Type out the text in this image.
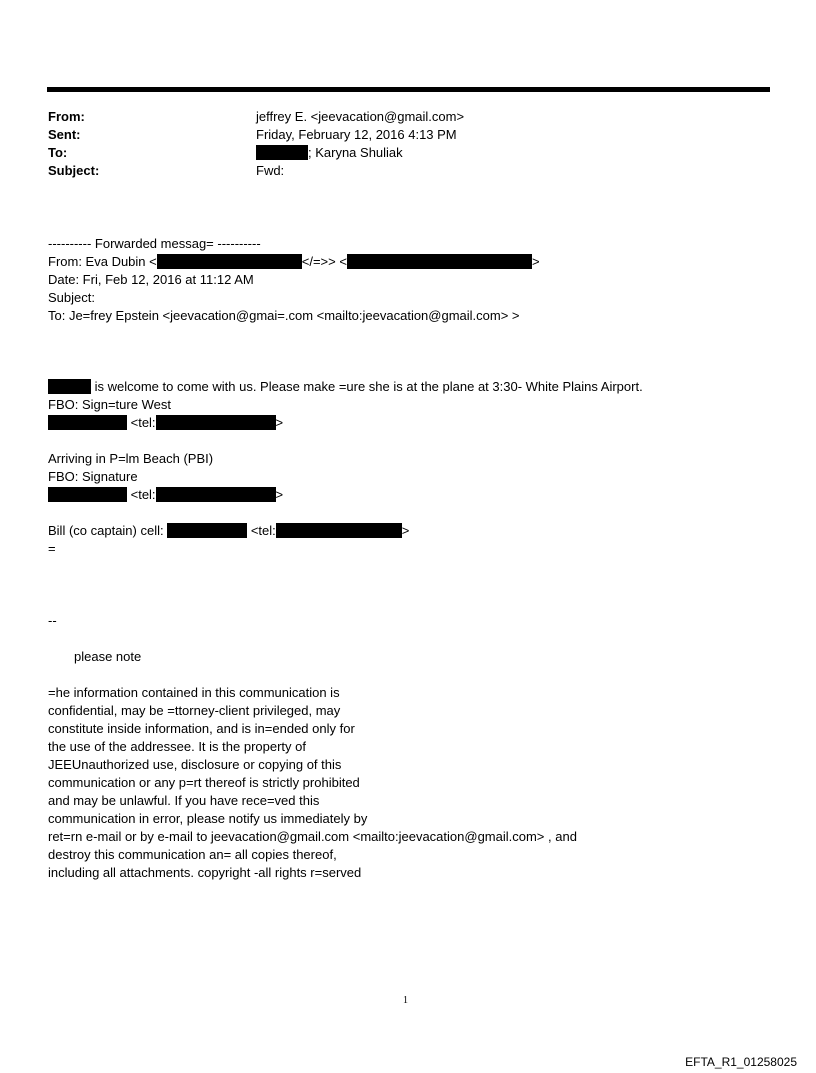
From:	jeffrey E. <jeevacation@gmail.com>
Sent:	Friday, February 12, 2016 4:13 PM
To:	; Karyna Shuliak
Subject:	Fwd:
---------- Forwarded messag= ----------
From: Eva Dubin <	</=>> <	>
Date: Fri, Feb 12, 2016 at 11:12 AM
Subject:
To: Je=frey Epstein <jeevacation@gmai=.com <mailto:jeevacation@gmail.com> >
is welcome to come with us. Please make =ure she is at the plane at 3:30- White Plains Airport.
FBO: Sign=ture West
<tel:	>
Arriving in P=lm Beach (PBI)
FBO: Signature
<tel:	>
Bill (co captain) cell:	<tel:	>
=
--
please note
=he information contained in this communication is
confidential, may be =ttorney-client privileged, may
constitute inside information, and is in=ended only for
the use of the addressee. It is the property of
JEEUnauthorized use, disclosure or copying of this
communication or any p=rt thereof is strictly prohibited
and may be unlawful. If you have rece=ved this
communication in error, please notify us immediately by
ret=rn e-mail or by e-mail to jeevacation@gmail.com <mailto:jeevacation@gmail.com> , and
destroy this communication an= all copies thereof,
including all attachments. copyright -all rights r=served
1
EFTA_R1_01258025
